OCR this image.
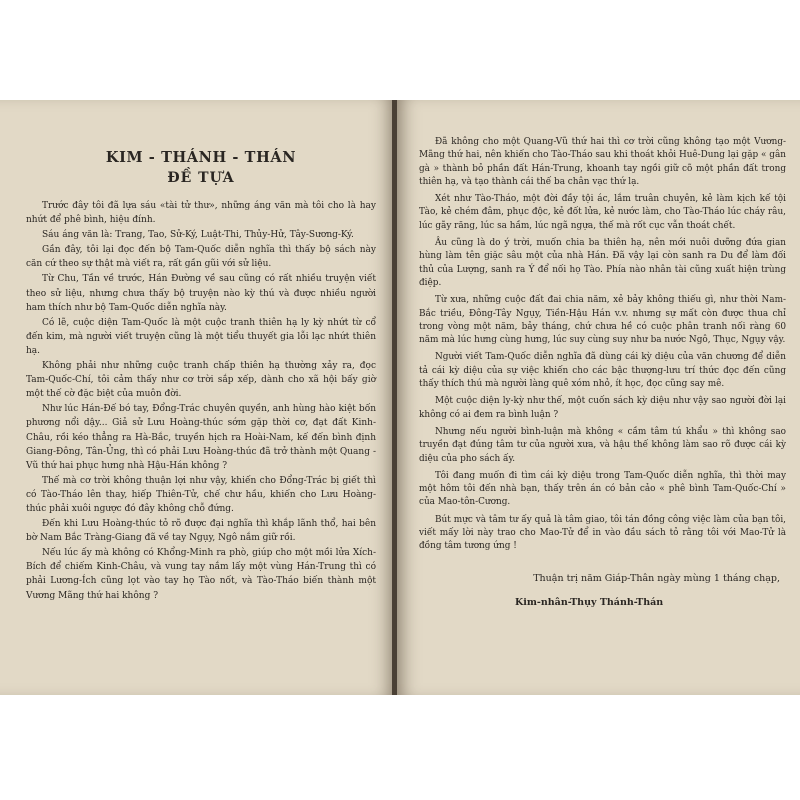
KIM - THÁNH - THÁN
ĐỀ TỰA

Trước đây tôi đã lựa sáu «tài tử thư», những áng văn mà tôi cho là hay nhứt để phê bình, hiệu đính.

Sáu áng văn là: Trang, Tao, Sử-Ký, Luật-Thi, Thủy-Hử, Tây-Sương-Ký.

Gần đây, tôi lại đọc đến bộ Tam-Quốc diễn nghĩa thì thấy bộ sách này căn cứ theo sự thật mà viết ra, rất gần gũi với sử liệu.

Từ Chu, Tần về trước, Hán Đường về sau cũng có rất nhiều truyện viết theo sử liệu, nhưng chưa thấy bộ truyện nào kỳ thú và được nhiều người ham thích như bộ Tam-Quốc diễn nghĩa này.

Có lẽ, cuộc diện Tam-Quốc là một cuộc tranh thiên hạ ly kỳ nhứt từ cổ đến kim, mà người viết truyện cũng là một tiểu thuyết gia lỗi lạc nhứt thiên hạ.

Không phải như những cuộc tranh chấp thiên hạ thường xảy ra, đọc Tam-Quốc-Chí, tôi cảm thấy như cơ trời sắp xếp, dành cho xã hội bấy giờ một thế cờ đặc biệt của muôn đời.

Như lúc Hán-Đế bó tay, Đổng-Trác chuyên quyền, anh hùng hào kiệt bốn phương nổi dậy... Giả sử Lưu Hoàng-thúc sớm gặp thời cơ, đạt đất Kinh-Châu, rồi kéo thẳng ra Hà-Bắc, truyền hịch ra Hoài-Nam, kế đến bình định Giang-Đông, Tân-Ủng, thì có phải Lưu Hoàng-thúc đã trở thành một Quang - Vũ thứ hai phục hưng nhà Hậu-Hán không ?

Thế mà cơ trời không thuận lợi như vậy, khiến cho Đổng-Trác bị giết thì có Tào-Tháo lên thay, hiếp Thiên-Tử, chế chư hầu, khiến cho Lưu Hoàng-thúc phải xuôi ngược đó đây không chỗ đứng.

Đến khi Lưu Hoàng-thúc tỏ rõ được đại nghĩa thì khắp lãnh thổ, hai bên bờ Nam Bắc Tràng-Giang đã về tay Ngụy, Ngô nắm giữ rồi.

Nếu lúc ấy mà không có Khổng-Minh ra phò, giúp cho một mồi lửa Xích-Bích để chiếm Kinh-Châu, và vung tay nắm lấy một vùng Hán-Trung thì có phải Lương-Ích cũng lọt vào tay họ Tào nốt, và Tào-Tháo biến thành một Vương Mãng thứ hai không ?

Đã không cho một Quang-Vũ thứ hai thì cơ trời cũng không tạo một Vương-Mãng thứ hai, nên khiến cho Tào-Tháo sau khi thoát khỏi Huê-Dung lại gặp « gân gà » thành bỏ phần đất Hán-Trung, khoanh tay ngồi giữ cõ một phần đất trong thiên hạ, và tạo thành cái thế ba chân vạc thứ lạ.

Xét như Tào-Tháo, một đời đầy tội ác, lắm truân chuyên, kẻ làm kịch kế tội Tào, kẻ chém đâm, phục độc, kẻ đốt lửa, kẻ nước làm, cho Tào-Tháo lúc cháy râu, lúc gãy răng, lúc sa hầm, lúc ngã ngựa, thế mà rốt cục vẫn thoát chết.

Âu cũng là do ý trời, muốn chia ba thiên hạ, nên mới nuôi dưỡng đứa gian hùng làm tên giặc sâu một của nhà Hán. Đã vậy lại còn sanh ra Du để làm đối thủ của Lượng, sanh ra Ý để nối họ Tào. Phía nào nhân tài cũng xuất hiện trùng điệp.

Từ xưa, những cuộc đất đai chia năm, xẻ bảy không thiếu gì, như thời Nam-Bắc triều, Đông-Tây Ngụy, Tiền-Hậu Hán v.v. nhưng sự mất còn được thua chỉ trong vòng một năm, bảy tháng, chứ chưa hề có cuộc phân tranh nối ràng 60 năm mà lúc hưng cùng hưng, lúc suy cùng suy như ba nước Ngô, Thục, Ngụy vậy.

Người viết Tam-Quốc diễn nghĩa đã dùng cái kỳ diệu của văn chương để diễn tả cái kỳ diệu của sự việc khiến cho các bậc thượng-lưu trí thức đọc đến cũng thấy thích thú mà người làng quê xóm nhỏ, ít học, đọc cũng say mê.

Một cuộc diện ly-kỳ như thế, một cuốn sách kỳ diệu như vậy sao người đời lại không có ai đem ra bình luận ?

Nhưng nếu người bình-luận mà không « cầm tâm tú khẩu » thì không sao truyền đạt đúng tâm tư của người xưa, và hậu thế không làm sao rõ được cái kỳ diệu của pho sách ấy.

Tôi đang muốn đi tìm cái kỳ diệu trong Tam-Quốc diễn nghĩa, thì thời may một hôm tôi đến nhà bạn, thấy trên án có bản cảo « phê bình Tam-Quốc-Chí » của Mao-tôn-Cương.

Bút mực và tâm tư ấy quả là tâm giao, tôi tán đồng công việc làm của bạn tôi, viết mấy lời này trao cho Mao-Tử để in vào đầu sách tỏ rằng tôi với Mao-Tử là đồng tâm tương ứng !

Thuận trị năm Giáp-Thân ngày mùng 1 tháng chạp,

Kim-nhân-Thụy Thánh-Thán
